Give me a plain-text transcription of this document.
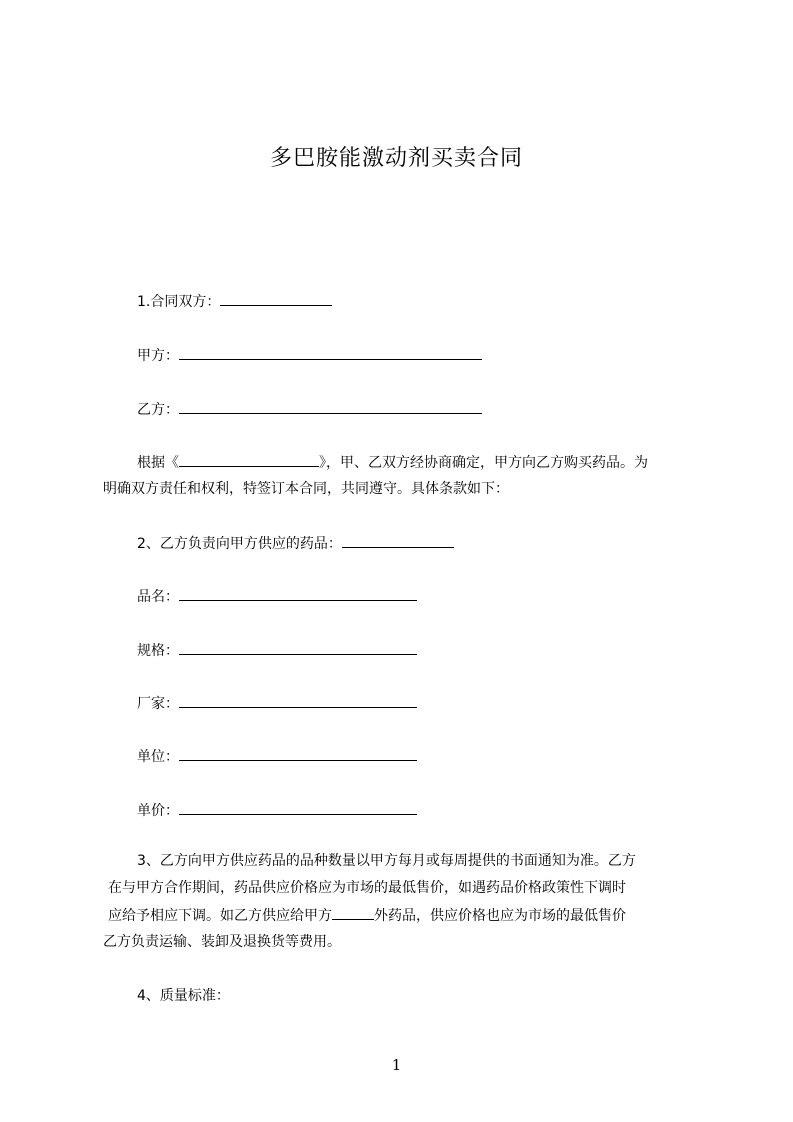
多巴胺能激动剂买卖合同
1.合同双方：
甲方：
乙方：
根据《	》，甲、乙双方经协商确定，甲方向乙方购买药品。为
明确双方责任和权利，特签订本合同，共同遵守。具体条款如下：
2、乙方负责向甲方供应的药品：
品名：
规格：
厂家：
单位：
单价：
3、乙方向甲方供应药品的品种数量以甲方每月或每周提供的书面通知为准。乙方
在与甲方合作期间，药品供应价格应为市场的最低售价，如遇药品价格政策性下调时
应给予相应下调。如乙方供应给甲方	外药品，供应价格也应为市场的最低售价
乙方负责运输、装卸及退换货等费用。
4、质量标准：
1
